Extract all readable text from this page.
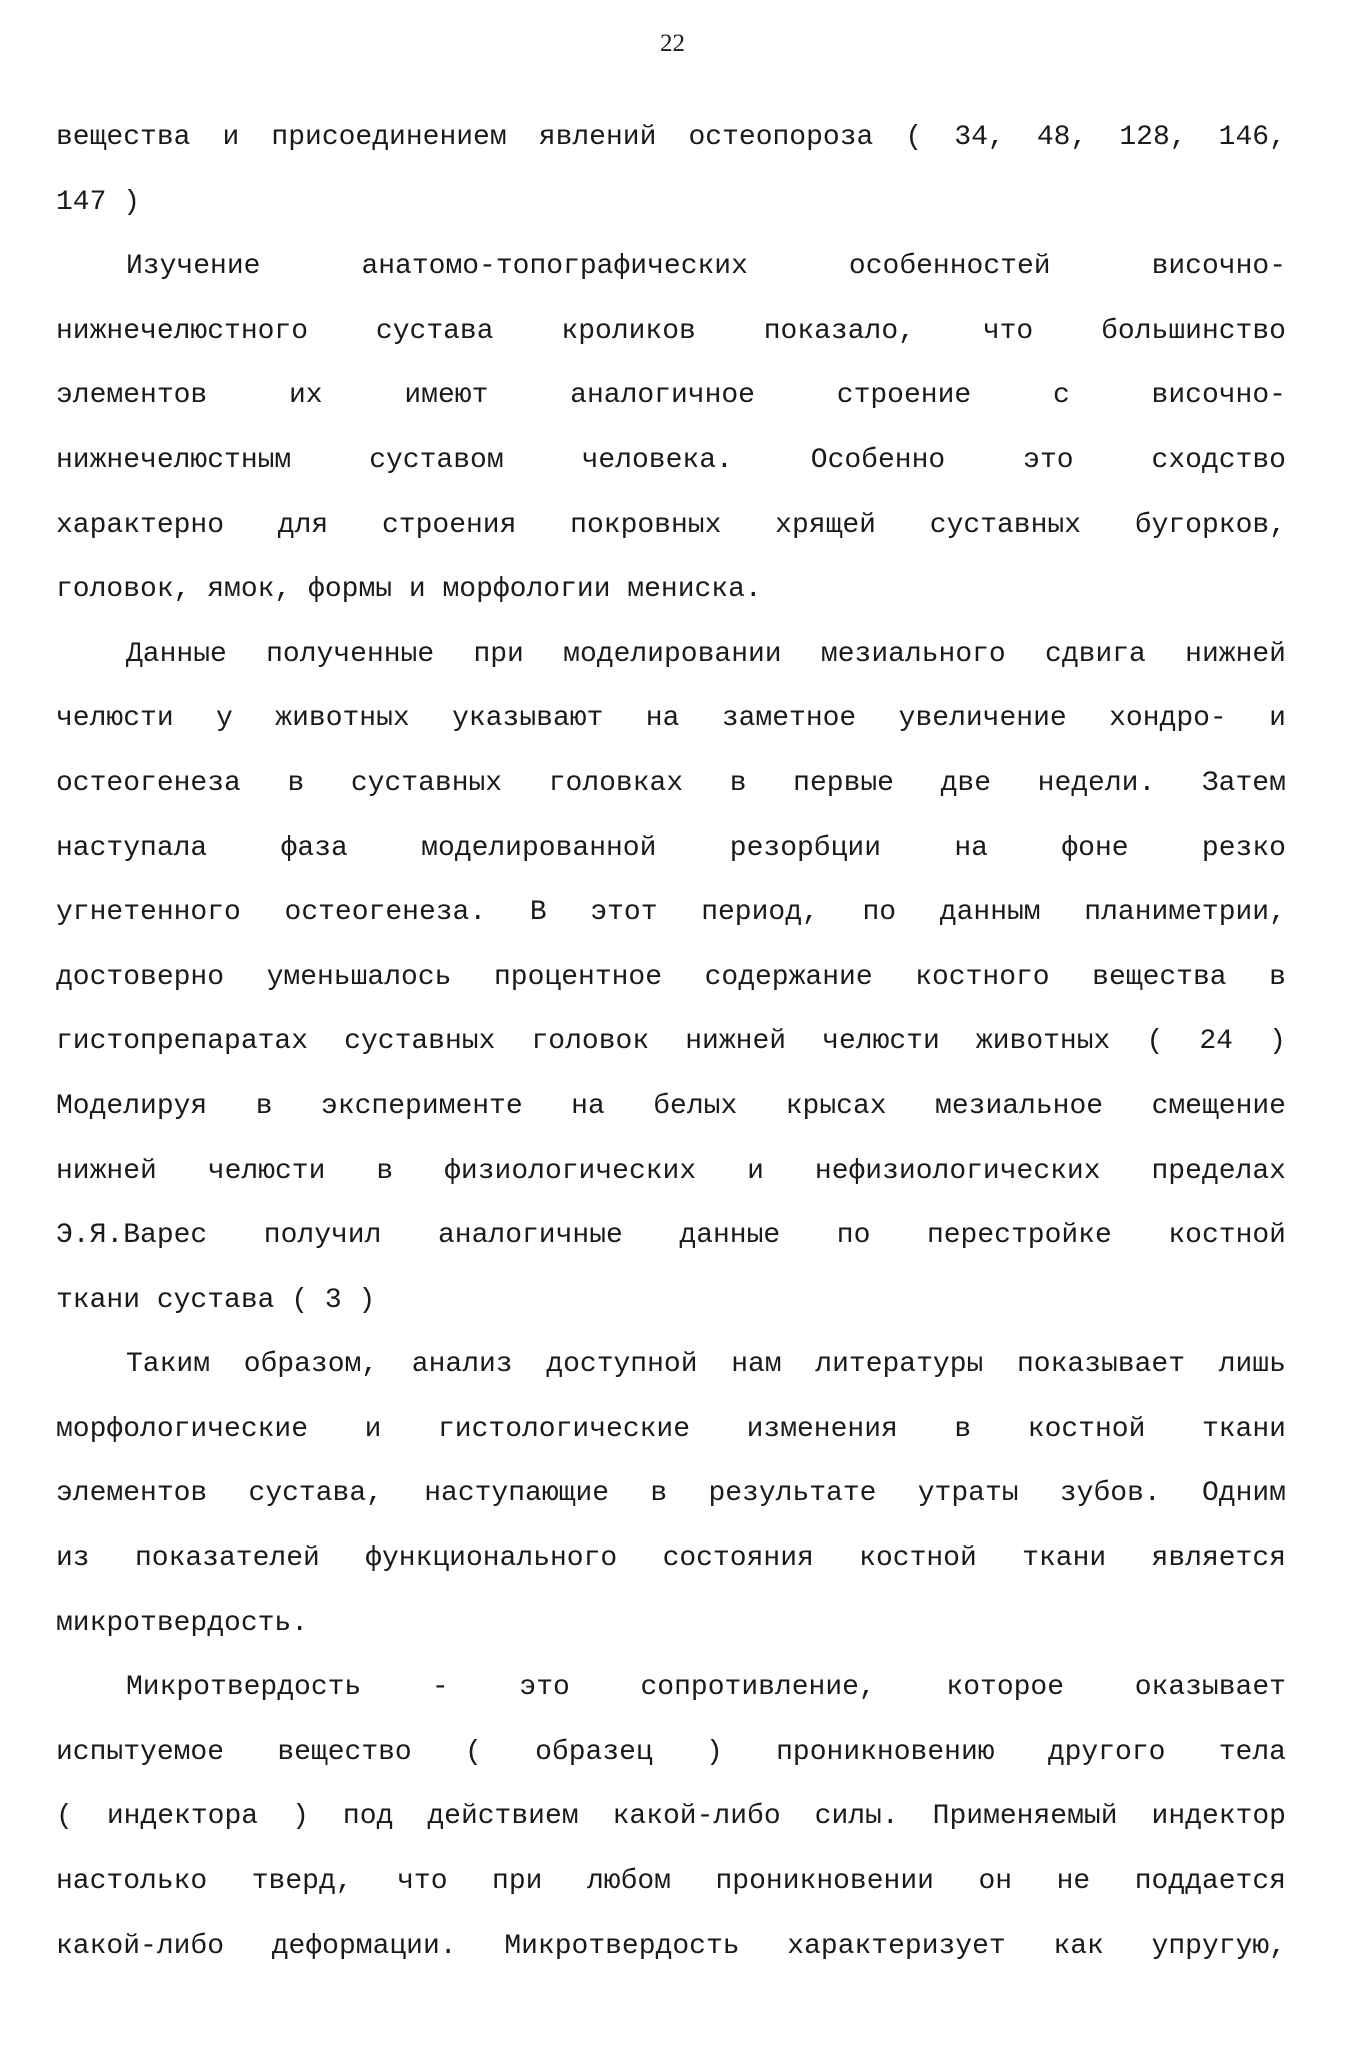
22
вещества и присоединением явлений остеопороза ( 34, 48, 128, 146,
147 )
Изучение	анатомо-топографических	особенностей	височно-
нижнечелюстного сустава кроликов показало, что большинство
элементов	их	имеют	аналогичное	строение	с	височно-
нижнечелюстным	суставом	человека.	Особенно	это	сходство
характерно для строения покровных хрящей суставных бугорков,
головок, ямок, формы и морфологии мениска.
Данные полученные при моделировании мезиального сдвига нижней
челюсти у животных указывают на заметное увеличение хондро- и
остеогенеза в суставных головках в первые две недели. Затем
наступала	фаза	моделированной	резорбции	на	фоне	резко
угнетенного остеогенеза. В этот период, по данным планиметрии,
достоверно уменьшалось процентное содержание костного вещества в
гистопрепаратах суставных головок нижней челюсти животных ( 24 )
Моделируя в эксперименте на белых крысах мезиальное смещение
нижней челюсти в физиологических и нефизиологических пределах
Э.Я.Варес получил аналогичные данные по перестройке костной
ткани сустава ( 3 )
Таким образом, анализ доступной нам литературы показывает лишь
морфологические и гистологические изменения в костной ткани
элементов сустава, наступающие в результате утраты зубов. Одним
из показателей функционального состояния костной ткани является
микротвердость.
Микротвердость	-	это	сопротивление,	которое	оказывает
испытуемое вещество ( образец ) проникновению другого тела
( индектора ) под действием какой-либо силы. Применяемый индектор
настолько тверд, что при любом проникновении он не поддается
какой-либо деформации. Микротвердость характеризует как упругую,
